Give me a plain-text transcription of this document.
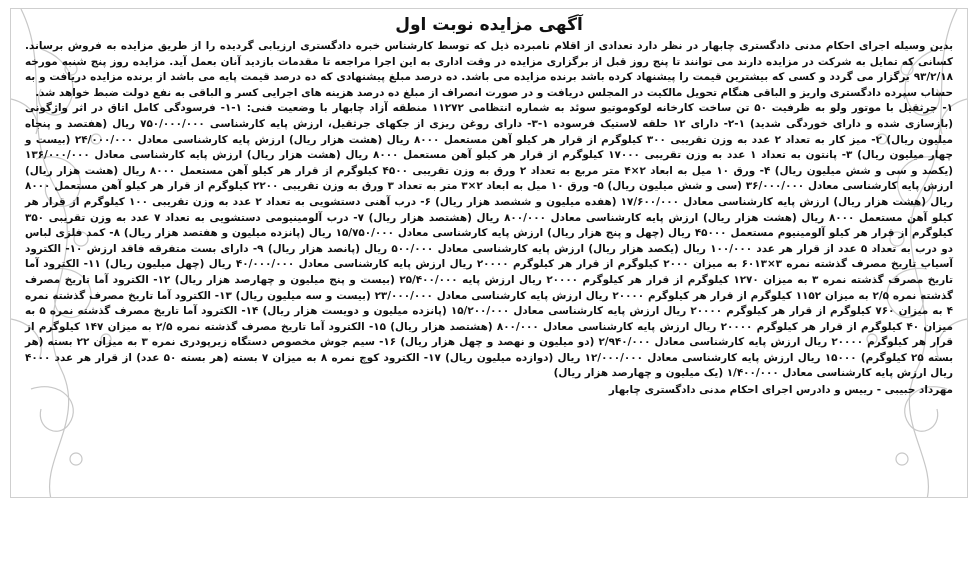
آگهی مزایده نوبت اول

بدین وسیله اجرای احکام مدنی دادگستری چابهار در نظر دارد تعدادی از اقلام نامبرده ذیل که توسط کارشناس خبره دادگستری ارزیابی گردیده را از طریق مزایده به فروش برساند. کسانی که تمایل به شرکت در مزایده دارند می توانند تا پنج روز قبل از برگزاری مزایده در وقت اداری به این اجرا مراجعه تا مقدمات بازدید آنان بعمل آید. مزایده روز پنج شنبه مورخه ۹۳/۲/۱۸ برگزار می گردد و کسی که بیشترین قیمت را پیشنهاد کرده باشد برنده مزایده می باشد. ده درصد مبلغ پیشنهادی که ده درصد قیمت پایه می باشد از برنده مزایده دریافت و به حساب سپرده دادگستری واریز و الباقی هنگام تحویل مالکیت در المجلس دریافت و در صورت انصراف از مبلغ ده درصد هزینه های اجرایی کسر و الباقی به نفع دولت ضبط خواهد شد.

۱- جرثقیل با موتور ولو به ظرفیت ۵۰ تن ساخت کارخانه لوکوموتیو سوئد به شماره انتظامی ۱۱۲۷۲ منطقه آزاد چابهار با وضعیت فنی: ۱-۱- فرسودگی کامل اتاق در اثر واژگونی (بازسازی شده و دارای خوردگی شدید) ۱-۲- دارای ۱۲ حلقه لاستیک فرسوده ۱-۳- دارای روغن ریزی از جکهای جرثقیل، ارزش پایه کارشناسی ۷۵۰/۰۰۰/۰۰۰ ریال (هفتصد و پنجاه میلیون ریال) ۲- میز کار به تعداد ۲ عدد به وزن تقریبی ۳۰۰ کیلوگرم از قرار هر کیلو آهن مستعمل ۸۰۰۰ ریال (هشت هزار ریال) ارزش پایه کارشناسی معادل ۲۴/۰۰۰/۰۰۰ (بیست و چهار میلیون ریال) ۳- پانتون به تعداد ۱ عدد به وزن تقریبی ۱۷۰۰۰ کیلوگرم از قرار هر کیلو آهن مستعمل ۸۰۰۰ ریال (هشت هزار ریال) ارزش پایه کارشناسی معادل ۱۳۶/۰۰۰/۰۰۰ (یکصد و سی و شش میلیون ریال) ۴- ورق ۱۰ میل به ابعاد ۲×۴ متر مربع به تعداد ۲ ورق به وزن تقریبی ۴۵۰۰ کیلوگرم از قرار هر کیلو آهن مستعمل ۸۰۰۰ ریال (هشت هزار ریال) ارزش پایه کارشناسی معادل ۳۶/۰۰۰/۰۰۰ (سی و شش میلیون ریال) ۵- ورق ۱۰ میل به ابعاد ۲×۳ متر به تعداد ۳ ورق به وزن تقریبی ۲۲۰۰ کیلوگرم از قرار هر کیلو آهن مستعمل ۸۰۰۰ ریال (هشت هزار ریال) ارزش پایه کارشناسی معادل ۱۷/۶۰۰/۰۰۰ (هفده میلیون و ششصد هزار ریال) ۶- درب آهنی دستشویی به تعداد ۲ عدد به وزن تقریبی ۱۰۰ کیلوگرم از قرار هر کیلو آهن مستعمل ۸۰۰۰ ریال (هشت هزار ریال) ارزش پایه کارشناسی معادل ۸۰۰/۰۰۰ ریال (هشتصد هزار ریال) ۷- درب آلومینیومی دستشویی به تعداد ۷ عدد به وزن تقریبی ۳۵۰ کیلوگرم از قرار هر کیلو آلومینیوم مستعمل ۴۵۰۰۰ ریال (چهل و پنج هزار ریال) ارزش پایه کارشناسی معادل ۱۵/۷۵۰/۰۰۰ ریال (پانزده میلیون و هفتصد هزار ریال) ۸- کمد فلزی لباس دو درب به تعداد ۵ عدد از قرار هر عدد ۱۰۰/۰۰۰ ریال (یکصد هزار ریال) ارزش پایه کارشناسی معادل ۵۰۰/۰۰۰ ریال (پانصد هزار ریال) ۹- دارای بست متفرقه فاقد ارزش ۱۰- الکترود آسیاب تاریخ مصرف گذشته نمره ۳×۶۰۱۳ به میزان ۲۰۰۰ کیلوگرم از قرار هر کیلوگرم ۲۰۰۰۰ ریال ارزش پایه کارشناسی معادل ۴۰/۰۰۰/۰۰۰ ریال (چهل میلیون ریال) ۱۱- الکترود آما تاریخ مصرف گذشته نمره ۳ به میزان ۱۲۷۰ کیلوگرم از قرار هر کیلوگرم ۲۰۰۰۰ ریال ارزش پایه ۲۵/۴۰۰/۰۰۰ (بیست و پنج میلیون و چهارصد هزار ریال) ۱۲- الکترود آما تاریخ مصرف گذشته نمره ۲/۵ به میزان ۱۱۵۲ کیلوگرم از قرار هر کیلوگرم ۲۰۰۰۰ ریال ارزش پایه کارشناسی معادل ۲۳/۰۰۰/۰۰۰ (بیست و سه میلیون ریال) ۱۳- الکترود آما تاریخ مصرف گذشته نمره ۴ به میزان ۷۶۰ کیلوگرم از قرار هر کیلوگرم ۲۰۰۰۰ ریال ارزش پایه کارشناسی معادل ۱۵/۲۰۰/۰۰۰ (پانزده میلیون و دویست هزار ریال) ۱۴- الکترود آما تاریخ مصرف گذشته نمره ۵ به میزان ۴۰ کیلوگرم از قرار هر کیلوگرم ۲۰۰۰۰ ریال ارزش پایه کارشناسی معادل ۸۰۰/۰۰۰ (هشتصد هزار ریال) ۱۵- الکترود آما تاریخ مصرف گذشته نمره ۲/۵ به میزان ۱۴۷ کیلوگرم از قرار هر کیلوگرم ۲۰۰۰۰ ریال ارزش پایه کارشناسی معادل ۲/۹۴۰/۰۰۰ (دو میلیون و نهصد و چهل هزار ریال) ۱۶- سیم جوش مخصوص دستگاه زیرپودری نمره ۳ به میزان ۲۲ بسته (هر بسته ۲۵ کیلوگرم) ۱۵۰۰۰ ریال ارزش پایه کارشناسی معادل ۱۲/۰۰۰/۰۰۰ ریال (دوازده میلیون ریال) ۱۷- الکترود کوچ نمره ۸ به میزان ۷ بسته (هر بسته ۵۰ عدد) از قرار هر عدد ۴۰۰۰ ریال ارزش پایه کارشناسی معادل ۱/۴۰۰/۰۰۰ (یک میلیون و چهارصد هزار ریال)

مهرداد حبیبی - رییس و دادرس اجرای احکام مدنی دادگستری چابهار
